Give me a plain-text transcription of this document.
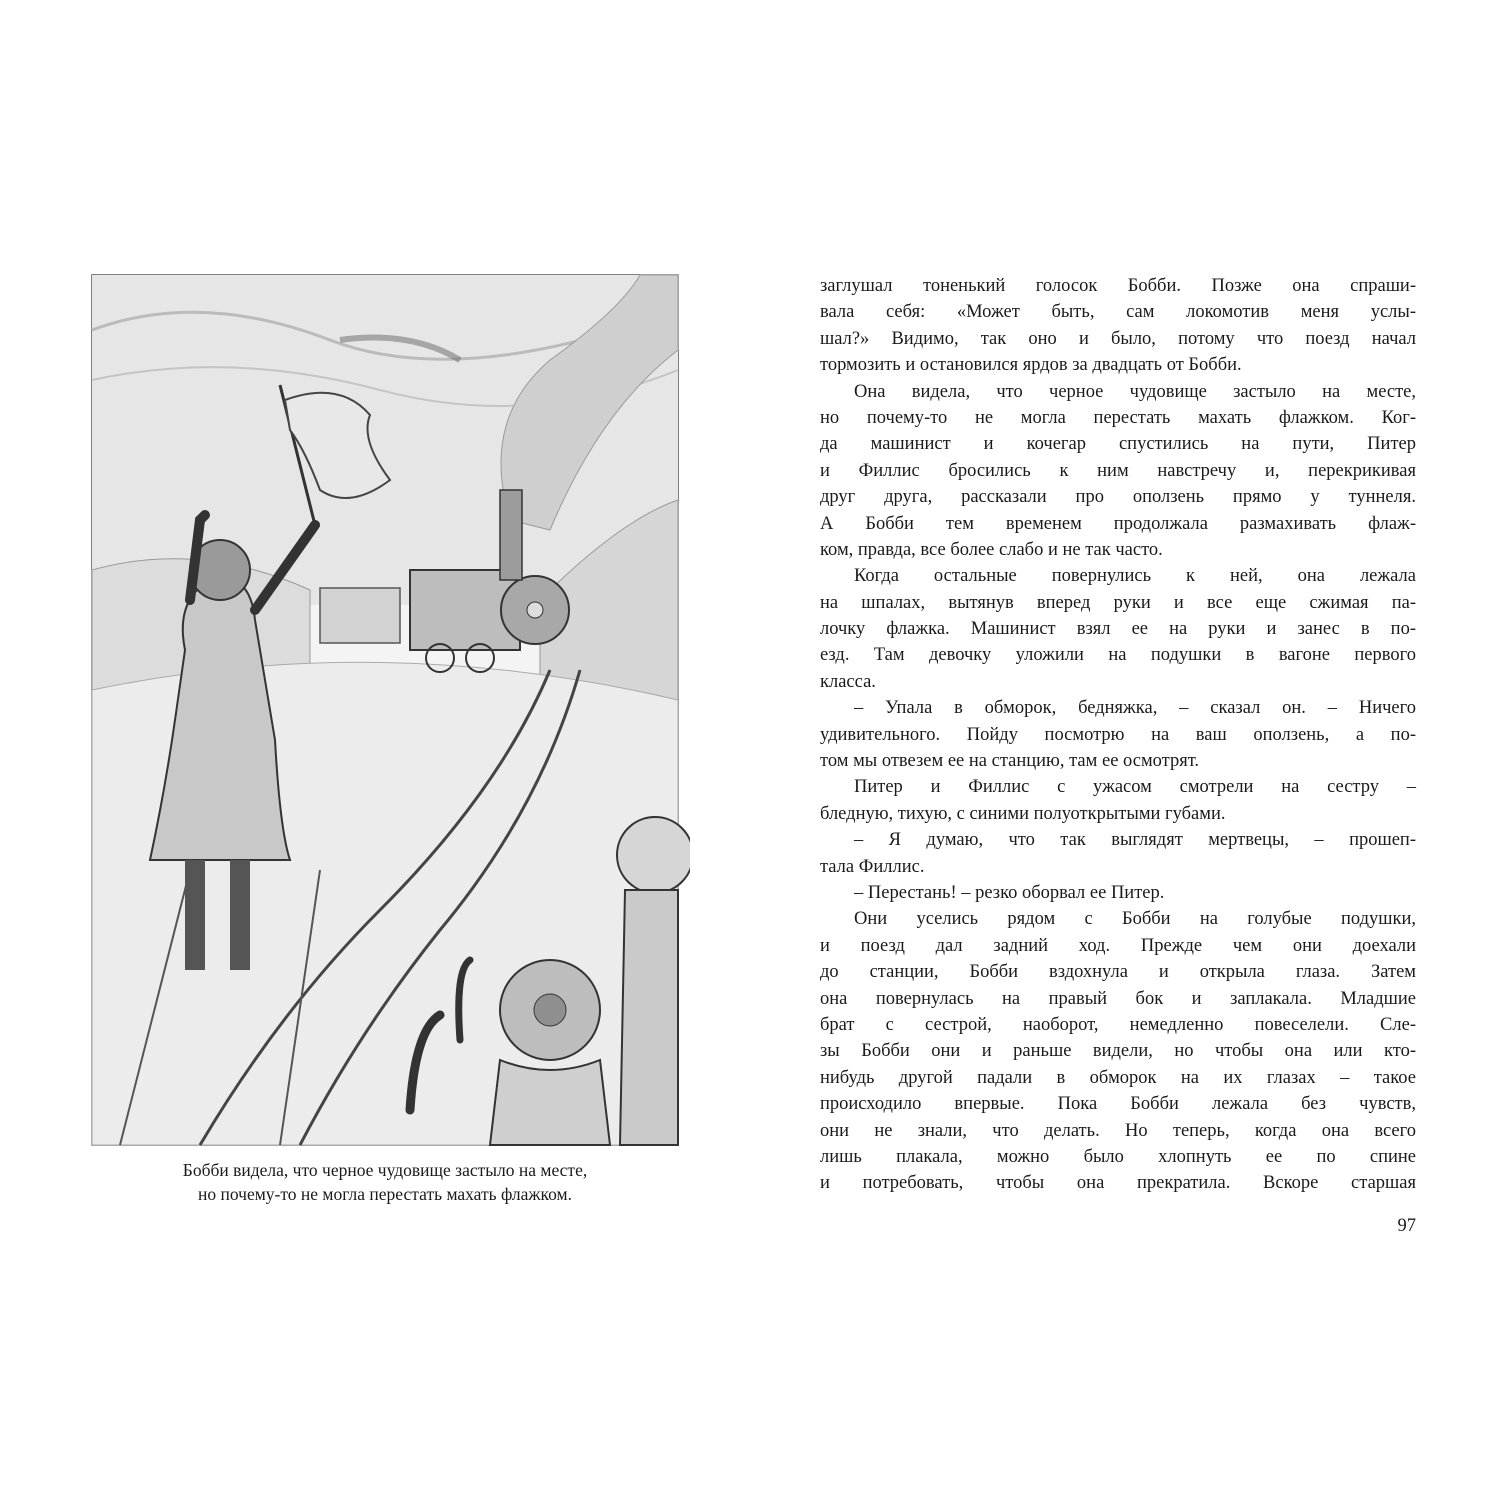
Бобби видела, что черное чудовище застыло на месте,
но почему-то не могла перестать махать флажком.
заглушал тоненький голосок Бобби. Позже она спраши-
вала себя: «Может быть, сам локомотив меня услы-
шал?» Видимо, так оно и было, потому что поезд начал
тормозить и остановился ярдов за двадцать от Бобби.
Она видела, что черное чудовище застыло на месте,
но почему-то не могла перестать махать флажком. Ког-
да машинист и кочегар спустились на пути, Питер
и Филлис бросились к ним навстречу и, перекрикивая
друг друга, рассказали про оползень прямо у туннеля.
А Бобби тем временем продолжала размахивать флаж-
ком, правда, все более слабо и не так часто.
Когда остальные повернулись к ней, она лежала
на шпалах, вытянув вперед руки и все еще сжимая па-
лочку флажка. Машинист взял ее на руки и занес в по-
езд. Там девочку уложили на подушки в вагоне первого
класса.
– Упала в обморок, бедняжка, – сказал он. – Ничего
удивительного. Пойду посмотрю на ваш оползень, а по-
том мы отвезем ее на станцию, там ее осмотрят.
Питер и Филлис с ужасом смотрели на сестру –
бледную, тихую, с синими полуоткрытыми губами.
– Я думаю, что так выглядят мертвецы, – прошеп-
тала Филлис.
– Перестань! – резко оборвал ее Питер.
Они уселись рядом с Бобби на голубые подушки,
и поезд дал задний ход. Прежде чем они доехали
до станции, Бобби вздохнула и открыла глаза. Затем
она повернулась на правый бок и заплакала. Младшие
брат с сестрой, наоборот, немедленно повеселели. Сле-
зы Бобби они и раньше видели, но чтобы она или кто-
нибудь другой падали в обморок на их глазах – такое
происходило впервые. Пока Бобби лежала без чувств,
они не знали, что делать. Но теперь, когда она всего
лишь плакала, можно было хлопнуть ее по спине
и потребовать, чтобы она прекратила. Вскоре старшая
97
